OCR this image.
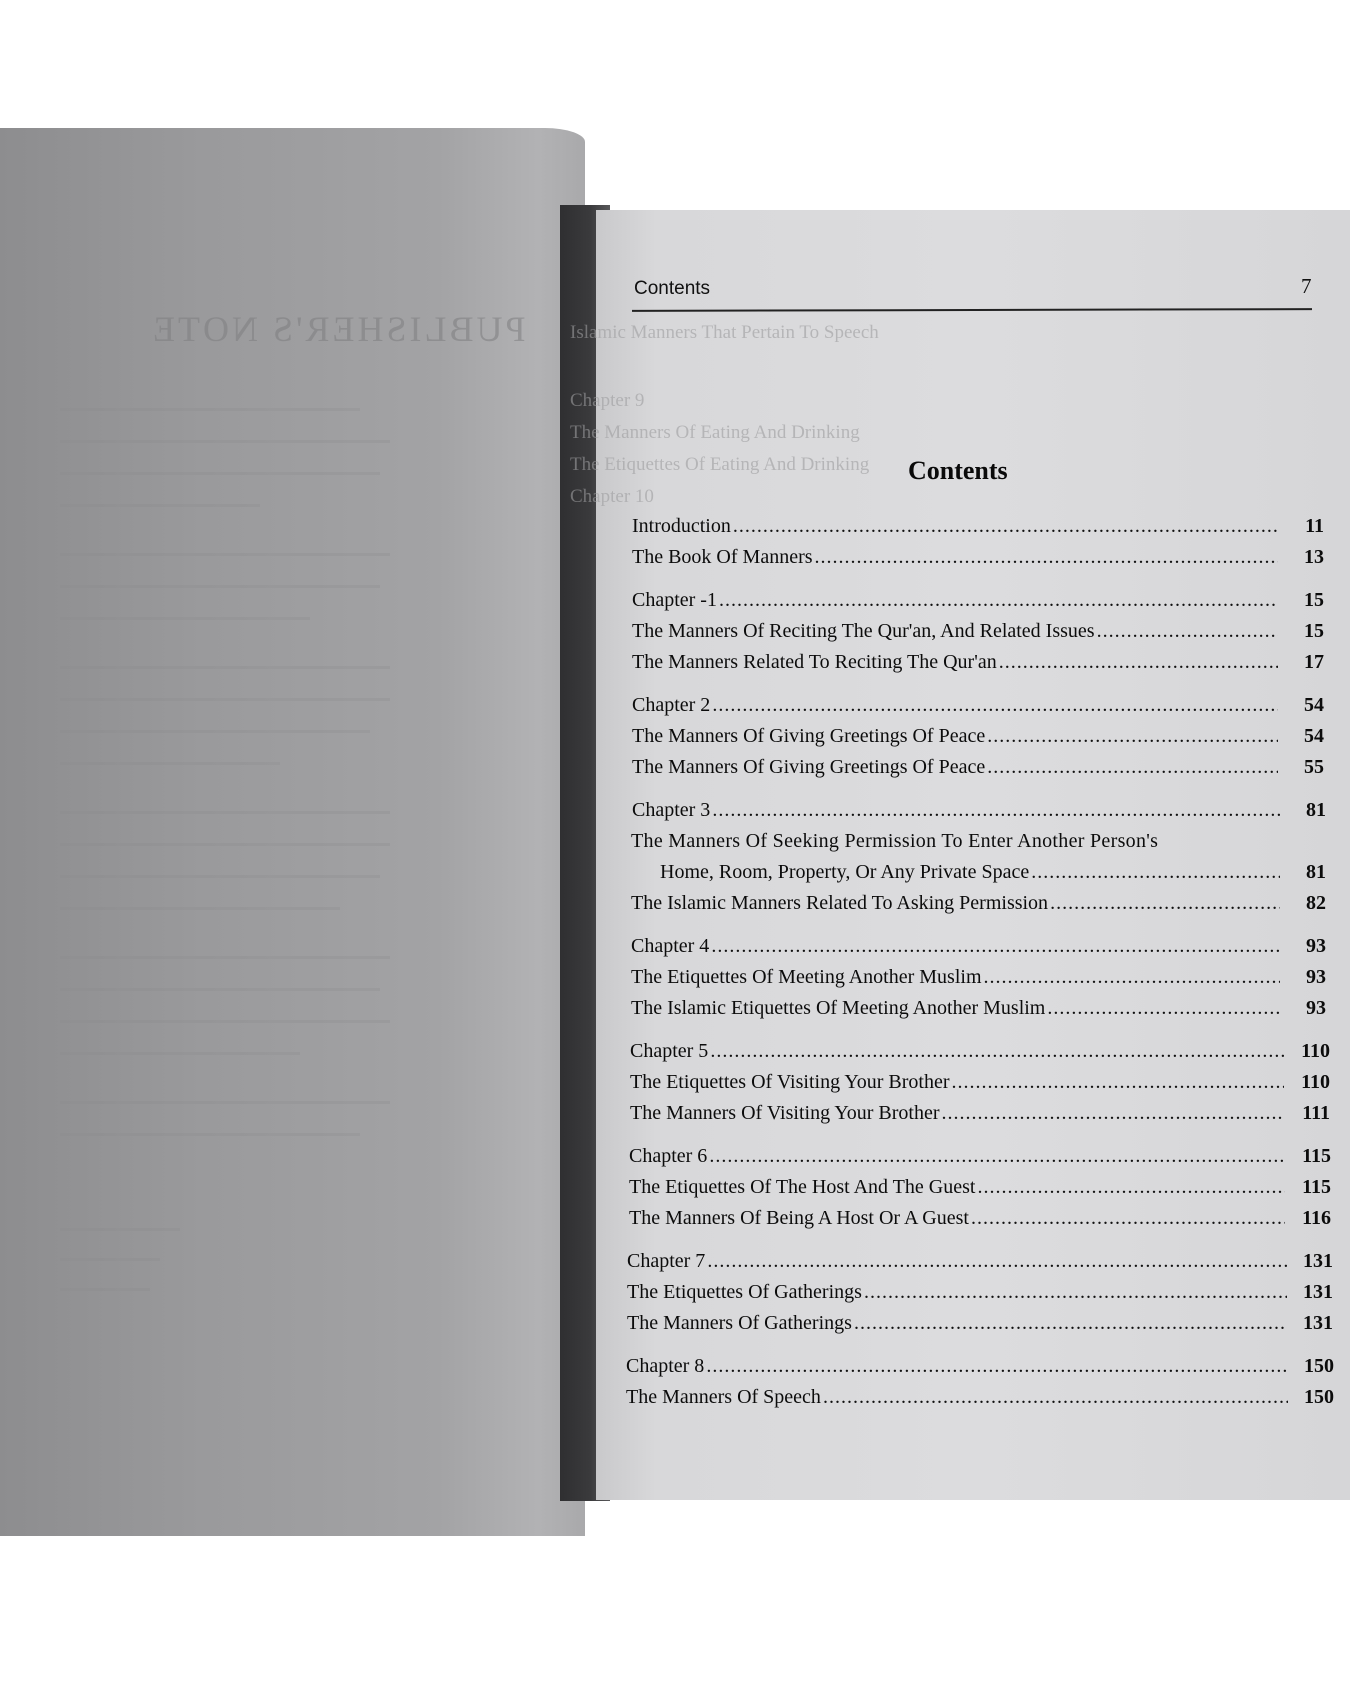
PUBLISHER'S NOTE
Contents	7
Islamic Manners That Pertain To Speech
Chapter 9
The Manners Of Eating And Drinking
The Etiquettes Of Eating And Drinking
Chapter 10
Contents
Introduction .....	11
The Book Of Manners .....	13
Chapter -1 .....	15
The Manners Of Reciting The Qur'an, And Related Issues .....	15
The Manners Related To Reciting The Qur'an .....	17
Chapter 2 .....	54
The Manners Of Giving Greetings Of Peace .....	54
The Manners Of Giving Greetings Of Peace .....	55
Chapter 3 .....	81
The Manners Of Seeking Permission To Enter Another Person's
Home, Room, Property, Or Any Private Space .....	81
The Islamic Manners Related To Asking Permission .....	82
Chapter 4 .....	93
The Etiquettes Of Meeting Another Muslim .....	93
The Islamic Etiquettes Of Meeting Another Muslim .....	93
Chapter 5 .....	110
The Etiquettes Of Visiting Your Brother .....	110
The Manners Of Visiting Your Brother .....	111
Chapter 6 .....	115
The Etiquettes Of The Host And The Guest .....	115
The Manners Of Being A Host Or A Guest .....	116
Chapter 7 .....	131
The Etiquettes Of Gatherings .....	131
The Manners Of Gatherings .....	131
Chapter 8 .....	150
The Manners Of Speech .....	150
